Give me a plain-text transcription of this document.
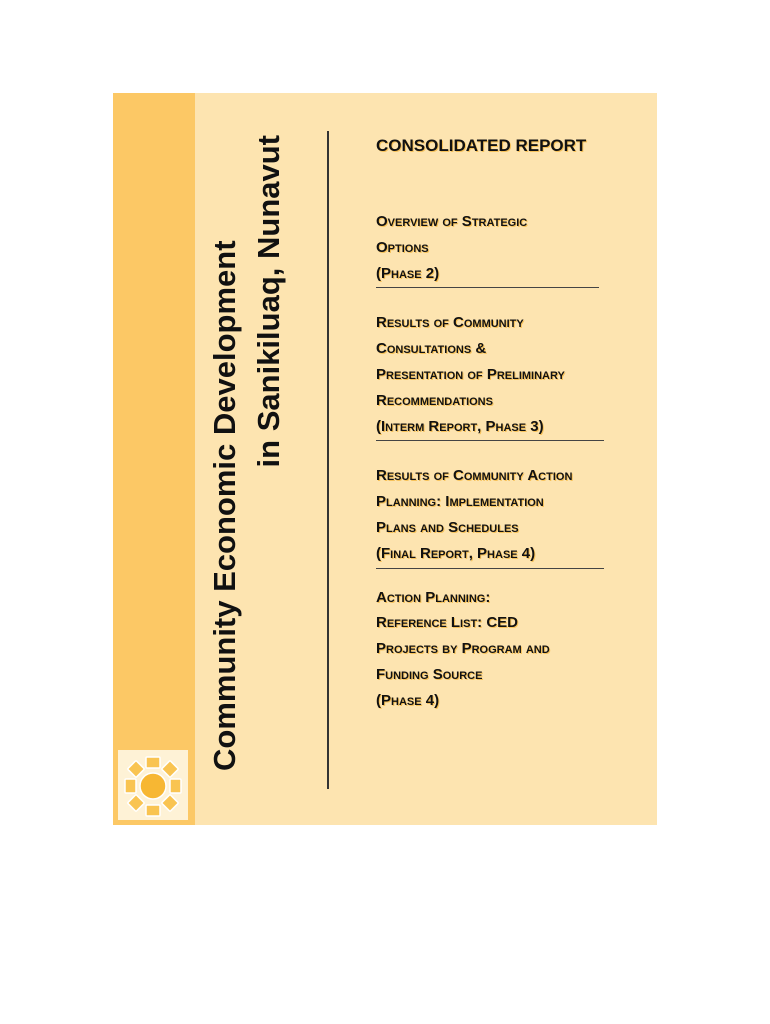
Community Economic Development in Sanikiluaq, Nunavut	CONSOLIDATED REPORT
Overview of Strategic
Options
(Phase 2)
Results of Community
Consultations &
Presentation of Preliminary
Recommendations
(Interm Report, Phase 3)
Results of Community Action
Planning: Implementation
Plans and Schedules
(Final Report, Phase 4)
Action Planning:
Reference List: CED
Projects by Program and
Funding Source
(Phase 4)
